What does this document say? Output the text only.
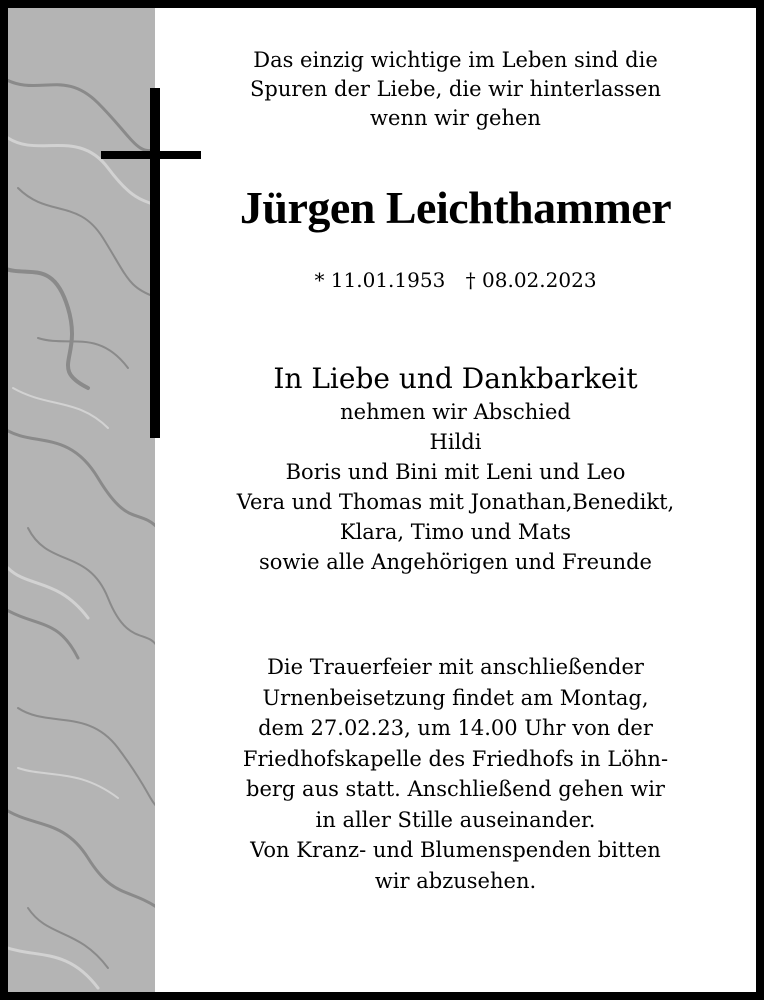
Das einzig wichtige im Leben sind die
Spuren der Liebe, die wir hinterlassen
wenn wir gehen
Jürgen Leichthammer
* 11.01.1953 † 08.02.2023
In Liebe und Dankbarkeit
nehmen wir Abschied
Hildi
Boris und Bini mit Leni und Leo
Vera und Thomas mit Jonathan,Benedikt,
Klara, Timo und Mats
sowie alle Angehörigen und Freunde
Die Trauerfeier mit anschließender
Urnenbeisetzung findet am Montag,
dem 27.02.23, um 14.00 Uhr von der
Friedhofskapelle des Friedhofs in Löhn-
berg aus statt. Anschließend gehen wir
in aller Stille auseinander.
Von Kranz- und Blumenspenden bitten
wir abzusehen.
